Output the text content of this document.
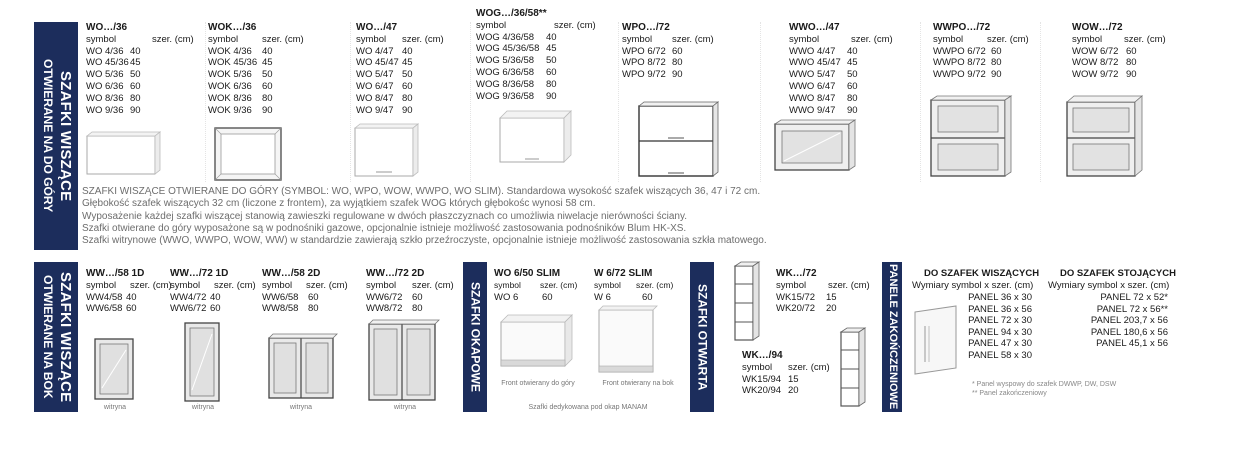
SZAFKI WISZĄCE
OTWIERANE NA DO GÓRY
SZAFKI WISZĄCE
OTWIERANE NA BOK	SZAFKI OKAPOWE	SZAFKI OTWARTA	PANELE ZAKOŃCZENIOWE
WO…/36
symbol	szer. (cm)
WO 4/36 40
WO 45/36 45
WO 5/36 50
WO 6/36 60
WO 8/36 80
WO 9/36 90
WOK…/36
symbol	szer. (cm)
WOK 4/36	40
WOK 45/36 45
WOK 5/36	50
WOK 6/36	60
WOK 8/36	80
WOK 9/36	90
WO…/47
symbol	szer. (cm)
WO 4/47 40
WO 45/47 45
WO 5/47 50
WO 6/47 60
WO 8/47 80
WO 9/47 90
WOG…/36/58**
symbol	szer. (cm)
WOG 4/36/58	40
WOG 45/36/58 45
WOG 5/36/58	50
WOG 6/36/58	60
WOG 8/36/58	80
WOG 9/36/58	90
WPO…/72
symbol	szer. (cm)
WPO 6/72 60
WPO 8/72 80
WPO 9/72 90
WWO…/47
symbol	szer. (cm)
WWO 4/47	40
WWO 45/47 45
WWO 5/47	50
WWO 6/47	60
WWO 8/47	80
WWO 9/47	90
WWPO…/72
symbol	szer. (cm)
WWPO 6/72 60
WWPO 8/72 80
WWPO 9/72 90
WOW…/72
symbol	szer. (cm)
WOW 6/72 60
WOW 8/72 80
WOW 9/72 90
SZAFKI WISZĄCE OTWIERANE DO GÓRY (SYMBOL: WO, WPO, WOW, WWPO, WO SLIM). Standardowa wysokość szafek wiszących 36, 47 i 72 cm.
Głębokość szafek wiszących 32 cm (liczone z frontem), za wyjątkiem szafek WOG których głębokośc wynosi 58 cm.
Wyposażenie każdej szafki wiszącej stanowią zawieszki regulowane w dwóch płaszczyznach co umożliwia niwelacje nierówności ściany.
Szafki otwierane do góry wyposażone są w podnośniki gazowe, opcjonalnie istnieje możliwość zastosowania podnośników Blum HK-XS.
Szafki witrynowe (WWO, WWPO, WOW, WW) w standardzie zawierają szkło przeźroczyste, opcjonalnie istnieje możliwość zastosowania szkła matowego.
WW…/58 1D
symbol	szer. (cm)
WW4/58 40
WW6/58 60
WW…/72 1D
symbol	szer. (cm)
WW4/72 40
WW6/72 60
WW…/58 2D
symbol	szer. (cm)
WW6/58	60
WW8/58	80
WW…/72 2D
symbol	szer. (cm)
WW6/72	60
WW8/72	80
witryna	witryna	witryna	witryna
WO 6/50 SLIM
symbol	szer. (cm)
WO 6	60
W 6/72 SLIM
symbol	szer. (cm)
W 6	60
Front otwierany do góry	Front otwierany na bok
Szafki dedykowana pod okap MANAM
WK…/72
symbol	szer. (cm)
WK15/72	15
WK20/72	20
WK…/94
symbol	szer. (cm)
WK15/94 15
WK20/94 20
DO SZAFEK WISZĄCYCH
Wymiary symbol x szer. (cm)
PANEL 36 x 30
PANEL 36 x 56
PANEL 72 x 30
PANEL 94 x 30
PANEL 47 x 30
PANEL 58 x 30
DO SZAFEK STOJĄCYCH
Wymiary symbol x szer. (cm)
PANEL 72 x 52*
PANEL 72 x 56**
PANEL 203,7 x 56
PANEL 180,6 x 56
PANEL 45,1 x 56
* Panel wyspowy do szafek DWWP, DW, DSW
** Panel zakończeniowy
